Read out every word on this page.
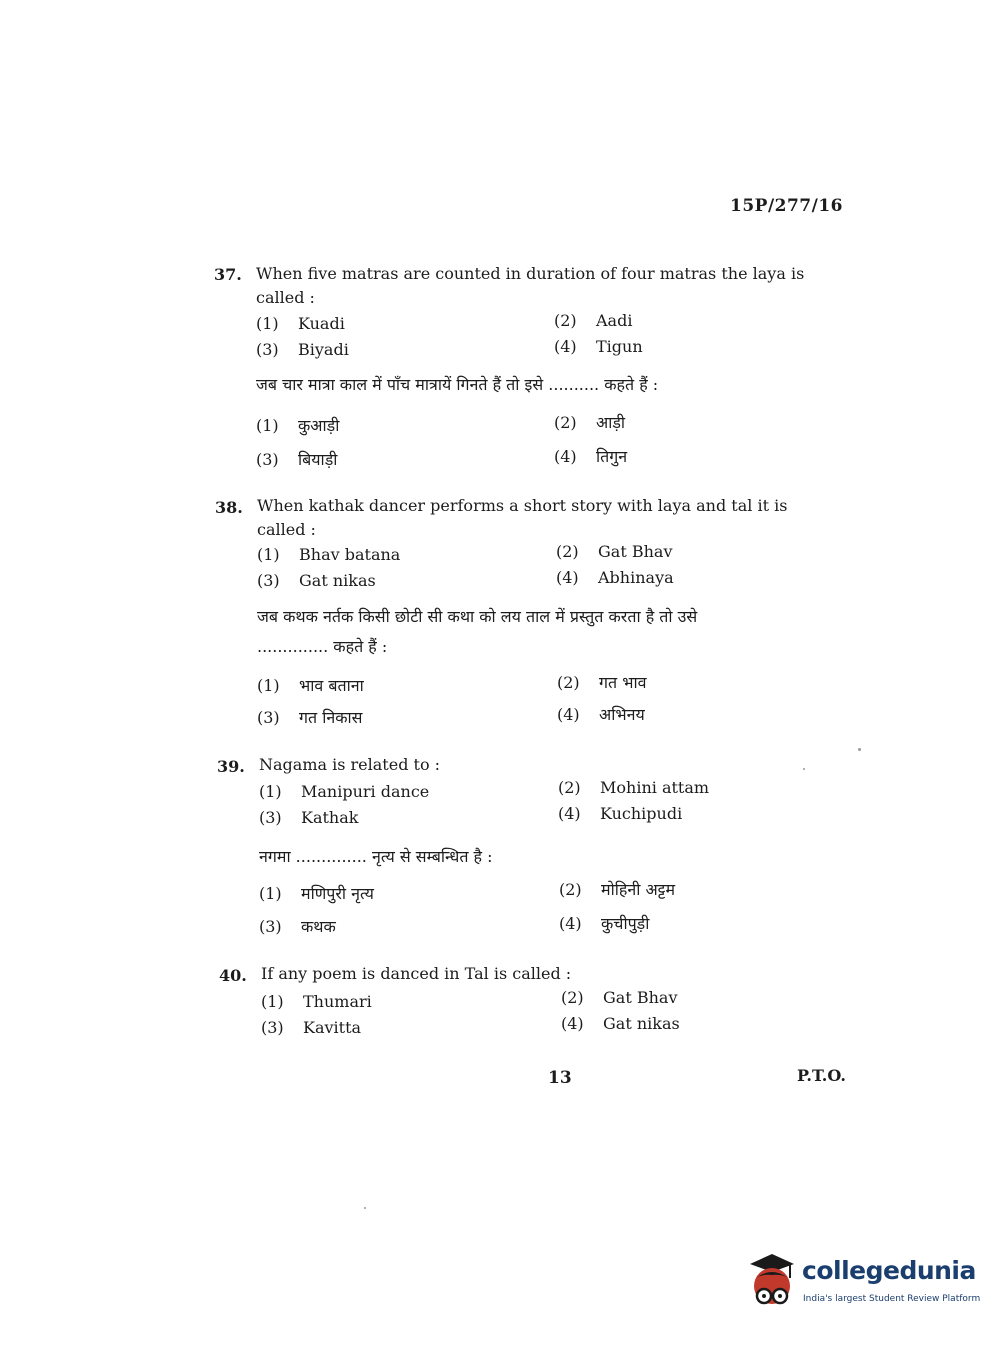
15P/277/16
37. When five matras are counted in duration of four matras the laya is
called :
(1) Kuadi	(2) Aadi
(3) Biyadi	(4) Tigun
जब चार मात्रा काल में पाँच मात्रायें गिनते हैं तो इसे .......... कहते हैं :
(1) कुआड़ी	(2) आड़ी
(3) बियाड़ी	(4) तिगुन
38. When kathak dancer performs a short story with laya and tal it is
called :
(1) Bhav batana	(2) Gat Bhav
(3) Gat nikas	(4) Abhinaya
जब कथक नर्तक किसी छोटी सी कथा को लय ताल में प्रस्तुत करता है तो उसे
.............. कहते हैं :
(1) भाव बताना	(2) गत भाव
(3) गत निकास	(4) अभिनय
39. Nagama is related to :
(1) Manipuri dance	(2) Mohini attam
(3) Kathak	(4) Kuchipudi
नगमा .............. नृत्य से सम्बन्धित है :
(1) मणिपुरी नृत्य	(2) मोहिनी अट्टम
(3) कथक	(4) कुचीपुड़ी
40. If any poem is danced in Tal is called :
(1) Thumari	(2) Gat Bhav
(3) Kavitta	(4) Gat nikas
13	P.T.O.
collegedunia
India's largest Student Review Platform
